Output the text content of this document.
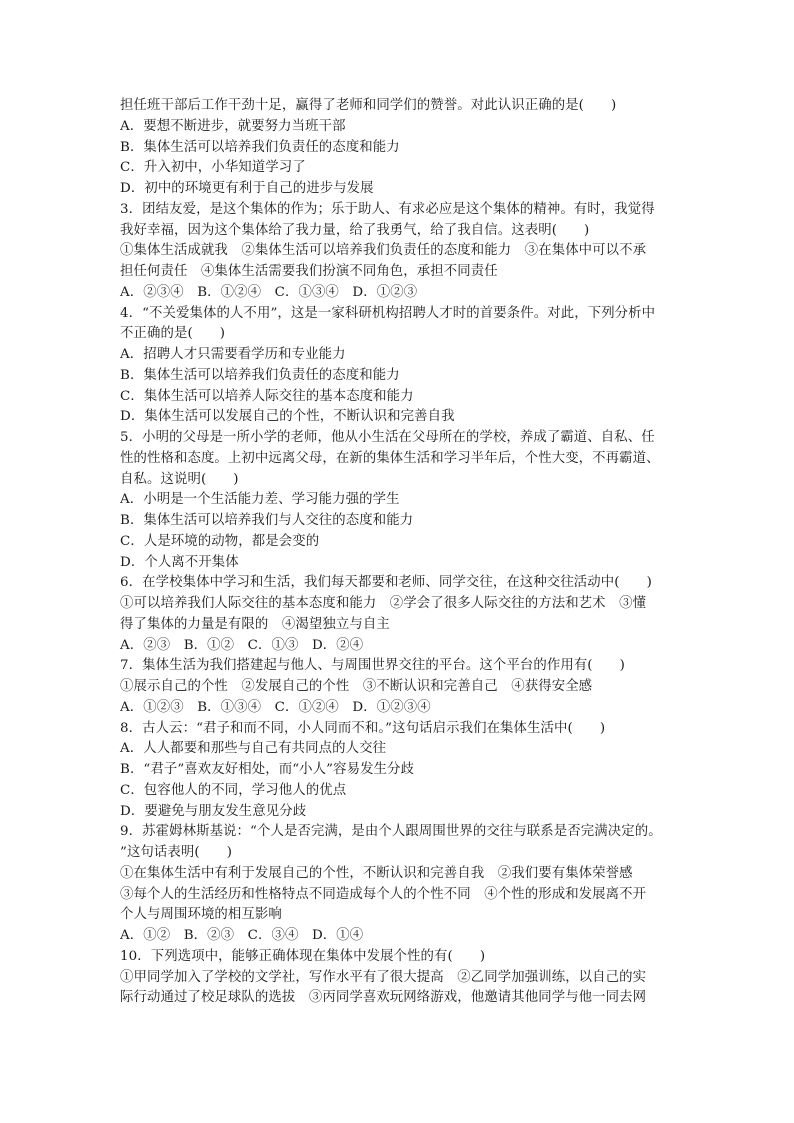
担任班干部后工作干劲十足，赢得了老师和同学们的赞誉。对此认识正确的是(　　)
A．要想不断进步，就要努力当班干部
B．集体生活可以培养我们负责任的态度和能力
C．升入初中，小华知道学习了
D．初中的环境更有利于自己的进步与发展
3．团结友爱，是这个集体的作为；乐于助人、有求必应是这个集体的精神。有时，我觉得
我好幸福，因为这个集体给了我力量，给了我勇气，给了我自信。这表明(　　)
①集体生活成就我　②集体生活可以培养我们负责任的态度和能力　③在集体中可以不承
担任何责任　④集体生活需要我们扮演不同角色，承担不同责任
A．②③④　B．①②④　C．①③④　D．①②③
4．“不关爱集体的人不用”，这是一家科研机构招聘人才时的首要条件。对此，下列分析中
不正确的是(　　)
A．招聘人才只需要看学历和专业能力
B．集体生活可以培养我们负责任的态度和能力
C．集体生活可以培养人际交往的基本态度和能力
D．集体生活可以发展自己的个性，不断认识和完善自我
5．小明的父母是一所小学的老师，他从小生活在父母所在的学校，养成了霸道、自私、任
性的性格和态度。上初中远离父母，在新的集体生活和学习半年后，个性大变，不再霸道、
自私。这说明(　　)
A．小明是一个生活能力差、学习能力强的学生
B．集体生活可以培养我们与人交往的态度和能力
C．人是环境的动物，都是会变的
D．个人离不开集体
6．在学校集体中学习和生活，我们每天都要和老师、同学交往，在这种交往活动中(　　)
①可以培养我们人际交往的基本态度和能力　②学会了很多人际交往的方法和艺术　③懂
得了集体的力量是有限的　④渴望独立与自主
A．②③　B．①②　C．①③　D．②④
7．集体生活为我们搭建起与他人、与周围世界交往的平台。这个平台的作用有(　　)
①展示自己的个性　②发展自己的个性　③不断认识和完善自己　④获得安全感
A．①②③　B．①③④　C．①②④　D．①②③④
8．古人云：“君子和而不同，小人同而不和。”这句话启示我们在集体生活中(　　)
A．人人都要和那些与自己有共同点的人交往
B．“君子”喜欢友好相处，而“小人”容易发生分歧
C．包容他人的不同，学习他人的优点
D．要避免与朋友发生意见分歧
9．苏霍姆林斯基说：“个人是否完满，是由个人跟周围世界的交往与联系是否完满决定的。
”这句话表明(　　)
①在集体生活中有利于发展自己的个性，不断认识和完善自我　②我们要有集体荣誉感
③每个人的生活经历和性格特点不同造成每个人的个性不同　④个性的形成和发展离不开
个人与周围环境的相互影响
A．①②　B．②③　C．③④　D．①④
10．下列选项中，能够正确体现在集体中发展个性的有(　　)
①甲同学加入了学校的文学社，写作水平有了很大提高　②乙同学加强训练，以自己的实
际行动通过了校足球队的选拔　③丙同学喜欢玩网络游戏，他邀请其他同学与他一同去网
